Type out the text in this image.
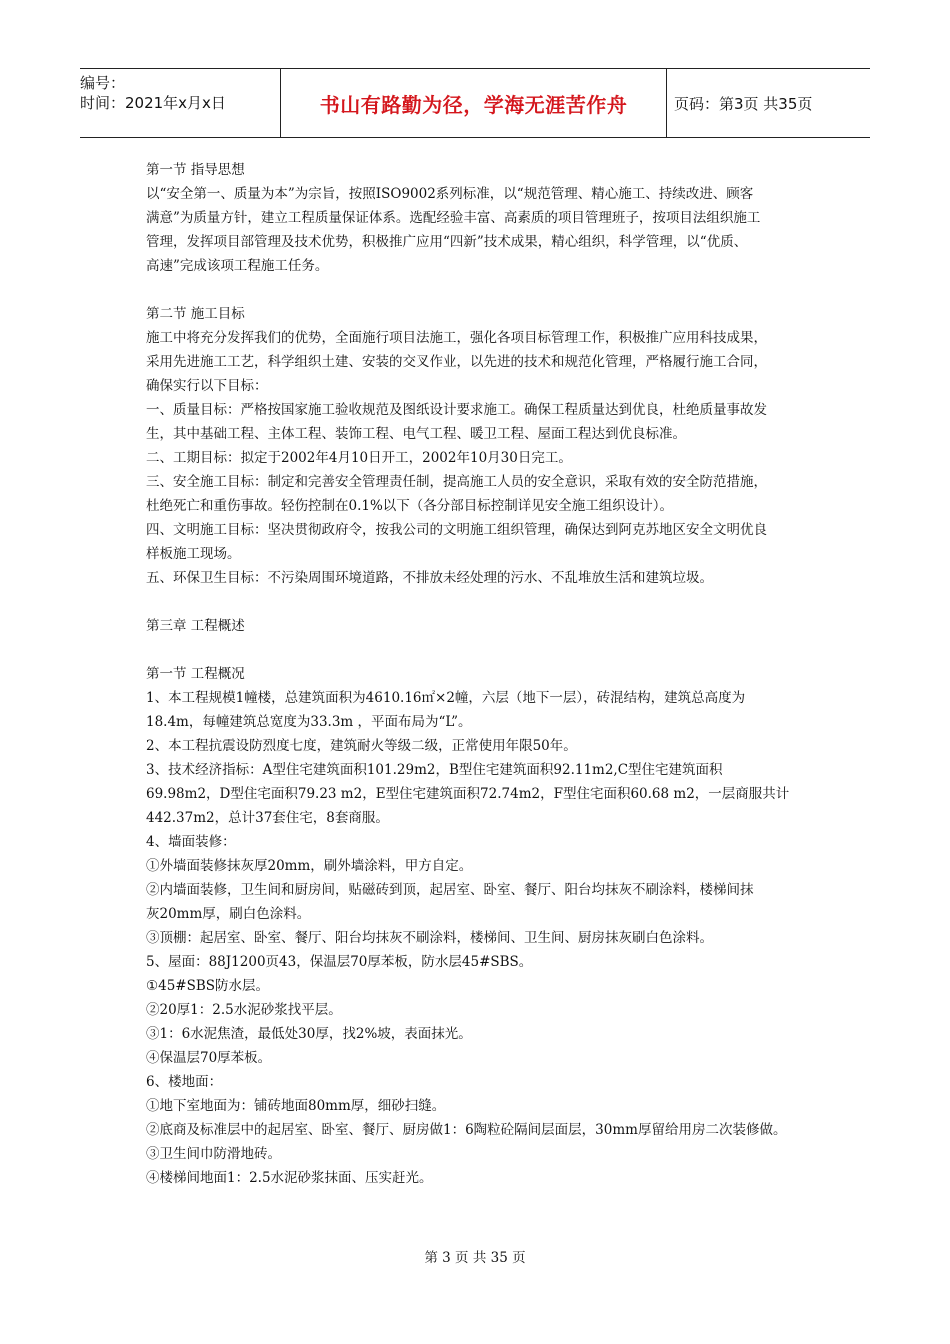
编号：
时间：2021年x月x日	书山有路勤为径，学海无涯苦作舟	页码：第3页 共35页
第一节 指导思想
以“安全第一、质量为本”为宗旨，按照ISO9002系列标准，以“规范管理、精心施工、持续改进、顾客
满意”为质量方针，建立工程质量保证体系。选配经验丰富、高素质的项目管理班子，按项目法组织施工
管理，发挥项目部管理及技术优势，积极推广应用“四新”技术成果，精心组织，科学管理，以“优质、
高速”完成该项工程施工任务。
第二节 施工目标
施工中将充分发挥我们的优势，全面施行项目法施工，强化各项目标管理工作，积极推广应用科技成果，
采用先进施工工艺，科学组织土建、安装的交叉作业，以先进的技术和规范化管理，严格履行施工合同，
确保实行以下目标：
一、质量目标：严格按国家施工验收规范及图纸设计要求施工。确保工程质量达到优良，杜绝质量事故发
生，其中基础工程、主体工程、装饰工程、电气工程、暖卫工程、屋面工程达到优良标准。
二、工期目标：拟定于2002年4月10日开工，2002年10月30日完工。
三、安全施工目标：制定和完善安全管理责任制，提高施工人员的安全意识，采取有效的安全防范措施，
杜绝死亡和重伤事故。轻伤控制在0.1%以下（各分部目标控制详见安全施工组织设计）。
四、文明施工目标：坚决贯彻政府令，按我公司的文明施工组织管理，确保达到阿克苏地区安全文明优良
样板施工现场。
五、环保卫生目标：不污染周围环境道路，不排放未经处理的污水、不乱堆放生活和建筑垃圾。
第三章 工程概述
第一节 工程概况
1、本工程规模1幢楼，总建筑面积为4610.16㎡×2幢，六层（地下一层），砖混结构，建筑总高度为
18.4m，每幢建筑总宽度为33.3m ，平面布局为“L”。
2、本工程抗震设防烈度七度，建筑耐火等级二级，正常使用年限50年。
3、技术经济指标：A型住宅建筑面积101.29m2，B型住宅建筑面积92.11m2,C型住宅建筑面积
69.98m2，D型住宅面积79.23 m2，E型住宅建筑面积72.74m2，F型住宅面积60.68 m2，一层商服共计
442.37m2，总计37套住宅，8套商服。
4、墙面装修：
①外墙面装修抹灰厚20mm，刷外墙涂料，甲方自定。
②内墙面装修，卫生间和厨房间，贴磁砖到顶，起居室、卧室、餐厅、阳台均抹灰不刷涂料，楼梯间抹
灰20mm厚，刷白色涂料。
③顶棚：起居室、卧室、餐厅、阳台均抹灰不刷涂料，楼梯间、卫生间、厨房抹灰刷白色涂料。
5、屋面：88J1200页43，保温层70厚苯板，防水层45#SBS。
①45#SBS防水层。
②20厚1：2.5水泥砂浆找平层。
③1：6水泥焦渣，最低处30厚，找2%坡，表面抹光。
④保温层70厚苯板。
6、楼地面：
①地下室地面为：铺砖地面80mm厚，细砂扫缝。
②底商及标准层中的起居室、卧室、餐厅、厨房做1：6陶粒砼隔间层面层，30mm厚留给用房二次装修做。
③卫生间巾防滑地砖。
④楼梯间地面1：2.5水泥砂浆抹面、压实赶光。
第 3 页 共 35 页
